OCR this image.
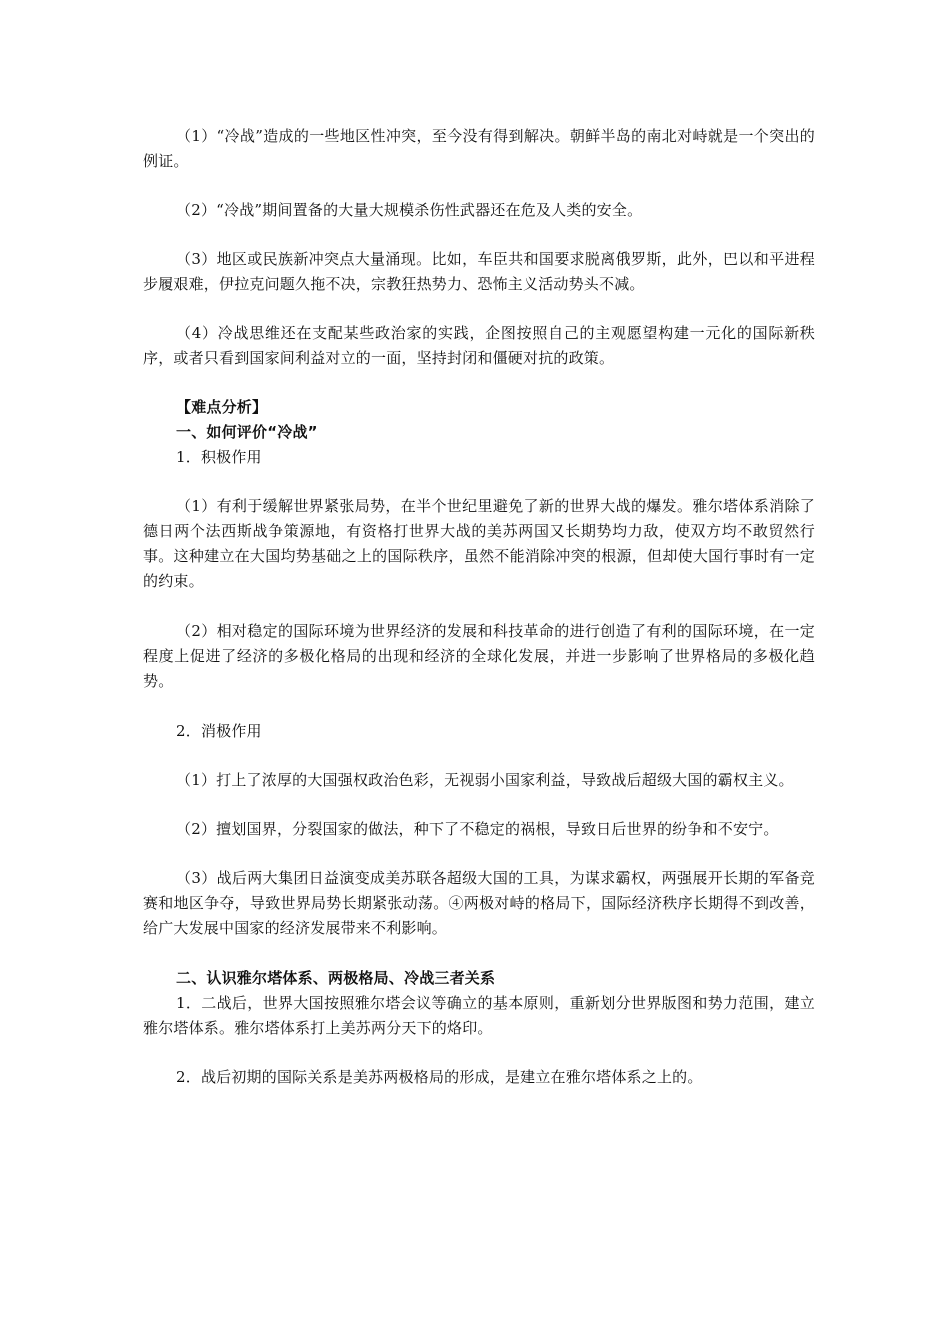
（1）“冷战”造成的一些地区性冲突，至今没有得到解决。朝鲜半岛的南北对峙就是一个突出的例证。

（2）“冷战”期间置备的大量大规模杀伤性武器还在危及人类的安全。

（3）地区或民族新冲突点大量涌现。比如，车臣共和国要求脱离俄罗斯，此外，巴以和平进程步履艰难，伊拉克问题久拖不决，宗教狂热势力、恐怖主义活动势头不减。

（4）冷战思维还在支配某些政治家的实践，企图按照自己的主观愿望构建一元化的国际新秩序，或者只看到国家间利益对立的一面，坚持封闭和僵硬对抗的政策。

【难点分析】

一、如何评价“冷战”

1．积极作用

（1）有利于缓解世界紧张局势，在半个世纪里避免了新的世界大战的爆发。雅尔塔体系消除了德日两个法西斯战争策源地，有资格打世界大战的美苏两国又长期势均力敌，使双方均不敢贸然行事。这种建立在大国均势基础之上的国际秩序，虽然不能消除冲突的根源，但却使大国行事时有一定的约束。

（2）相对稳定的国际环境为世界经济的发展和科技革命的进行创造了有利的国际环境，在一定程度上促进了经济的多极化格局的出现和经济的全球化发展，并进一步影响了世界格局的多极化趋势。

2．消极作用

（1）打上了浓厚的大国强权政治色彩，无视弱小国家利益，导致战后超级大国的霸权主义。

（2）擅划国界，分裂国家的做法，种下了不稳定的祸根，导致日后世界的纷争和不安宁。

（3）战后两大集团日益演变成美苏联各超级大国的工具，为谋求霸权，两强展开长期的军备竞赛和地区争夺，导致世界局势长期紧张动荡。④两极对峙的格局下，国际经济秩序长期得不到改善，给广大发展中国家的经济发展带来不利影响。

二、认识雅尔塔体系、两极格局、冷战三者关系

1．二战后，世界大国按照雅尔塔会议等确立的基本原则，重新划分世界版图和势力范围，建立雅尔塔体系。雅尔塔体系打上美苏两分天下的烙印。

2．战后初期的国际关系是美苏两极格局的形成，是建立在雅尔塔体系之上的。
